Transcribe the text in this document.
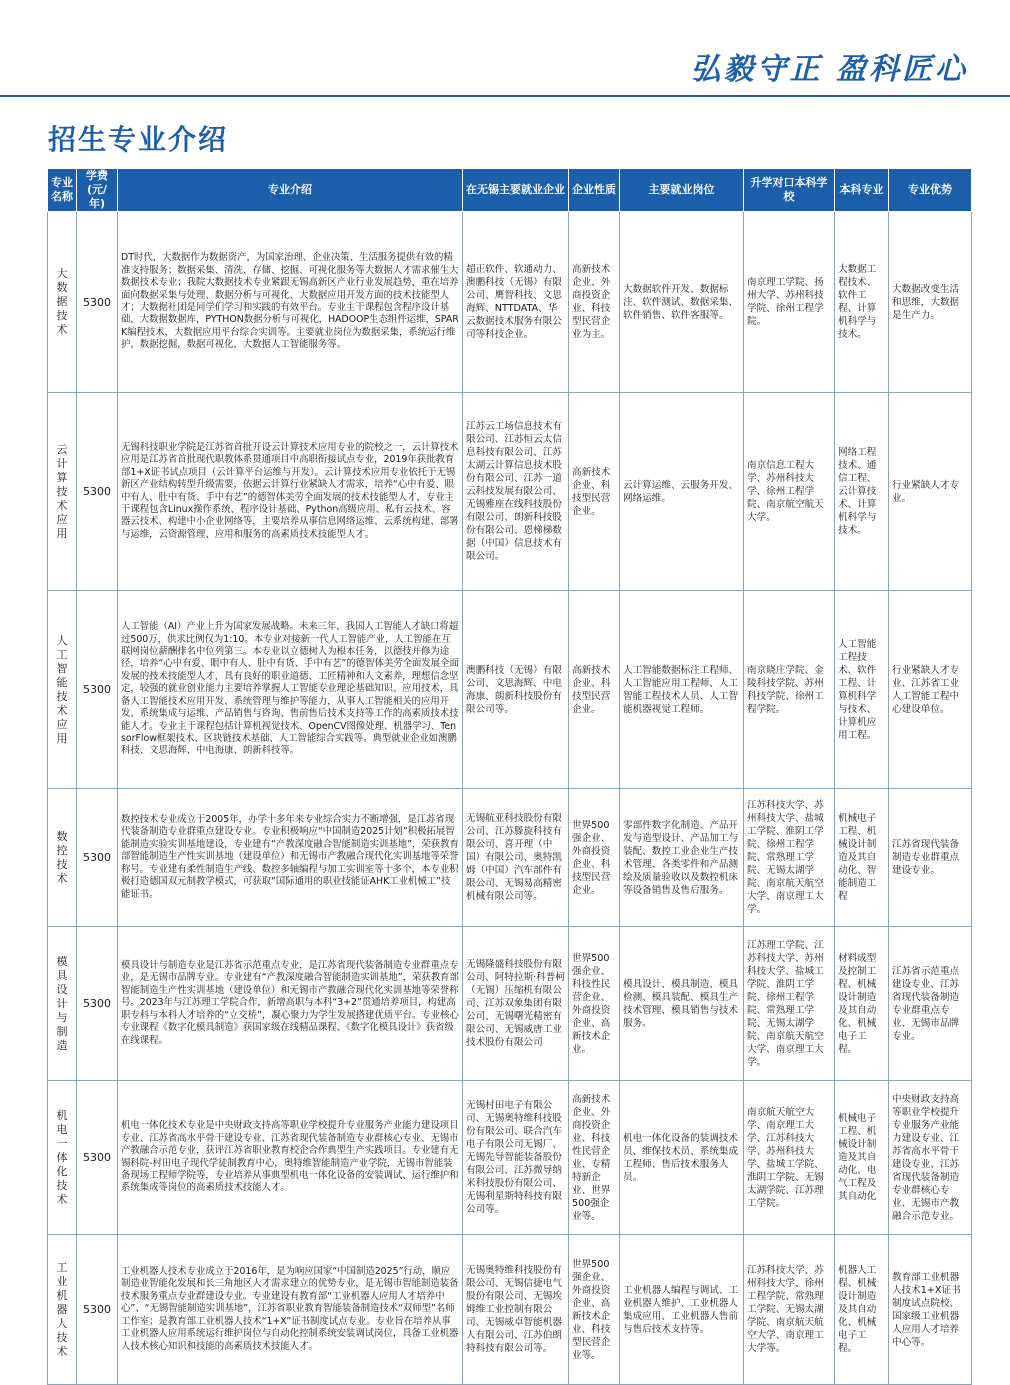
弘毅守正 盈科匠心
招生专业介绍
专业名称	学费(元/年)	专业介绍	在无锡主要就业企业	企业性质	主要就业岗位	升学对口本科学校	本科专业	专业优势
大数据技术	5300	DT时代，大数据作为数据资产，为国家治理、企业决策、生活服务提供有效的精准支持服务；数据采集、清洗、存储、挖掘、可视化服务等大数据人才需求催生大数据技术专业；我院大数据技术专业紧跟无锡高新区产业行业发展趋势，重在培养面向数据采集与处理、数据分析与可视化、大数据应用开发方面的技术技能型人才；大数据社团是同学们学习和实践的有效平台。专业主干课程包含程序设计基础，大数据数据库，PYTHON数据分析与可视化，HADOOP生态组件运维，SPARK编程技术，大数据应用平台综合实训等。主要就业岗位为数据采集，系统运行维护，数据挖掘，数据可视化，大数据人工智能服务等。	超正软件、软通动力、澳鹏科技（无锡）有限公司、鹰智科技、文思海辉、NTTDATA、华云数据技术服务有限公司等科技企业。	高新技术企业、外商投资企业、科技型民营企业为主。	大数据软件开发、数据标注、软件测试、数据采集、软件销售、软件客服等。	南京理工学院、扬州大学、苏州科技学院、徐州工程学院。	大数据工程技术、软件工程、计算机科学与技术。	大数据改变生活和思维，大数据是生产力。
云计算技术应用	5300	无锡科技职业学院是江苏省首批开设云计算技术应用专业的院校之一，云计算技术应用是江苏省首批现代职教体系贯通项目中高职衔接试点专业，2019年获批教育部1+X证书试点项目（云计算平台运维与开发）。云计算技术应用专业依托于无锡新区产业结构转型升级需要，依据云计算行业紧缺人才需求，培养“心中有爱、眼中有人、肚中有货、手中有艺”的德智体美劳全面发展的技术技能型人才，专业主干课程包含Linux操作系统、程序设计基础、Python高级应用、私有云技术、容器云技术、构建中小企业网络等，主要培养从事信息网络运维、云系统构建、部署与运维，云资源管理、应用和服务的高素质技术技能型人才。	江苏云工场信息技术有限公司、江苏恒云太信息科技有限公司、江苏太湖云计算信息技术股份有限公司、江苏一道云科技发展有限公司、无锡雅座在线科技股份有限公司、朗新科技股份有限公司、恩梯梯数据（中国）信息技术有限公司。	高新技术企业、科技型民营企业。	云计算运维、云服务开发、网络运维。	南京信息工程大学、苏州科技大学、徐州工程学院、南京航空航天大学。	网络工程技术、通信工程、云计算技术、计算机科学与技术。	行业紧缺人才专业。
人工智能技术应用	5300	人工智能（AI）产业上升为国家发展战略。未来三年，我国人工智能人才缺口将超过500万，供求比例仅为1:10。本专业对接新一代人工智能产业，人工智能在互联网岗位薪酬排名中位列第三。本专业以立德树人为根本任务，以德技并修为途径，培养“心中有爱、眼中有人、肚中有货、手中有艺”的德智体美劳全面发展全面发展的技术技能型人才，具有良好的职业道德、工匠精神和人文素养，理想信念坚定，较强的就业创业能力主要培养掌握人工智能专业理论基础知识、应用技术，具备人工智能技术应用开发、系统管理与维护等能力，从事人工智能相关的应用开发、系统集成与运维、产品销售与咨询、售前售后技术支持等工作的高素质技术技能人才。专业主干课程包括计算机视觉技术、OpenCV图像处理、机器学习、TensorFlow框架技术、区块链技术基础、人工智能综合实践等。典型就业企业如澳鹏科技、文思海辉、中电海康、朗新科技等。	澳鹏科技（无锡）有限公司、文思海辉、中电海康、朗新科技股份有限公司等。	高新技术企业、科技型民营企业。	人工智能数据标注工程师、人工智能应用工程师、人工智能工程技术人员、人工智能机器视觉工程师。	南京晓庄学院、金陵科技学院、苏州科技学院、徐州工程学院。	人工智能工程技术、软件工程、计算机科学与技术、计算机应用工程。	行业紧缺人才专业、江苏省工业人工智能工程中心建设单位。
数控技术	5300	数控技术专业成立于2005年，办学十多年来专业综合实力不断增强，是江苏省现代装备制造专业群重点建设专业。专业积极响应“中国制造2025计划”积极拓展智能制造实验实训基地建设，专业建有“产教深度融合智能制造实训基地”，荣获教育部智能制造生产性实训基地（建设单位）和无锡市产教融合现代化实训基地等荣誉称号。专业建有柔性制造生产线、数控多轴编程与加工实训室等十多个，本专业积极打造德国双元制教学模式，可获取“国际通用的职业技能证AHK工业机械工”技能证书。	无锡航亚科技股份有限公司、江苏滕旋科技有限公司、喜开理（中国）有限公司、奥特凯姆（中国）汽车部件有限公司、无锡易高精密机械有限公司等。	世界500强企业、外商投资企业、科技型民营企业。	零部件数字化制造、产品开发与造型设计、产品加工与装配、数控工业企业生产技术管理、各类零件和产品测绘及质量验收以及数控机床等设备销售及售后服务。	江苏科技大学、苏州科技大学、盐城工学院、淮阴工学院、徐州工程学院、常熟理工学院、无锡太湖学院、南京航天航空大学、南京理工大学。	机械电子工程、机械设计制造及其自动化、智能制造工程	江苏省现代装备制造专业群重点建设专业。
模具设计与制造	5300	模具设计与制造专业是江苏省示范重点专业，是江苏省现代装备制造专业群重点专业，是无锡市品牌专业。专业建有“产教深度融合智能制造实训基地”，荣获教育部智能制造生产性实训基地（建设单位）和无锡市产教融合现代化实训基地等荣誉称号。2023年与江苏理工学院合作，新增高职与本科“3+2”贯通培养项目，构建高职专科与本科人才培养的“立交桥”，凝心聚力为学生发展搭建优质平台。专业核心专业课程《数字化模具制造》获国家级在线精品课程、《数字化模具设计》获省级在线课程。	无锡隆盛科技股份有限公司、阿特拉斯·科普柯（无锡）压缩机有限公司、江苏双象集团有限公司、无锡曙光精密有限公司、无锡威唐工业技术股份有限公司	世界500强企业、科技性民营企业、外商投资企业、高新技术企业。	模具设计、模具制造、模具检测、模具装配、模具生产技术管理、模具销售与技术服务。	江苏理工学院、江苏科技大学、苏州科技大学、盐城工学院、淮阴工学院、徐州工程学院、常熟理工学院、无锡太湖学院、南京航天航空大学、南京理工大学。	材料成型及控制工程、机械设计制造及其自动化、机械电子工程。	江苏省示范重点建设专业、江苏省现代装备制造专业群重点专业、无锡市品牌专业。
机电一体化技术	5300	机电一体化技术专业是中央财政支持高等职业学校提升专业服务产业能力建设项目专业、江苏省高水平骨干建设专业、江苏省现代装备制造专业群核心专业、无锡市产教融合示范专业，获评江苏省职业教育校企合作典型生产实践项目。专业建有无锡科院-村田电子现代学徒制教育中心，奥特维智能制造产业学院，无锡市智能装备现场工程师学院等，专业培养从事典型机电一体化设备的安装调试、运行维护和系统集成等岗位的高素质技术技能人才。	无锡村田电子有限公司、无锡奥特维科技股份有限公司、联合汽车电子有限公司无锡厂、无锡先导智能装备股份有限公司、江苏微导纳米科技股份有限公司、无锡利星斯特科技有限公司等。	高新技术企业、外商投资企业、科技性民营企业、专精特新企业、世界500强企业等。	机电一体化设备的装调技术员、维保技术员、系统集成工程师、售后技术服务人员。	南京航天航空大学、南京理工大学、江苏科技大学、苏州科技大学、盐城工学院、淮阴工学院、无锡太湖学院、江苏理工学院。	机械电子工程、机械设计制造及其自动化、电气工程及其自动化	中央财政支持高等职业学校提升专业服务产业能力建设专业、江苏省高水平骨干建设专业、江苏省现代装备制造专业群核心专业、无锡市产教融合示范专业。
工业机器人技术	5300	工业机器人技术专业成立于2016年，是为响应国家“中国制造2025”行动，顺应制造业智能化发展和长三角地区人才需求建立的优势专业，是无锡市智能制造装备技术服务重点专业群建设专业。专业建设有教育部“工业机器人应用人才培养中心”、“无锡智能制造实训基地”，江苏省职业教育智能装备制造技术“双师型”名师工作室；是教育部工业机器人技术“1+X”证书制度试点专业。专业旨在培养从事工业机器人应用系统运行维护岗位与自动化控制系统安装调试岗位，具备工业机器人技术核心知识和技能的高素质技术技能人才。	无锡奥特维科技股份有限公司、无锡信捷电气股份有限公司、无锡埃姆维工业控制有限公司、无锡威卓智能机器人有限公司、江苏伯朗特科技有限公司等。	世界500强企业、外商投资企业、高新技术企业、科技型民营企业等。	工业机器人编程与调试、工业机器人维护、工业机器人集成应用、工业机器人售前与售后技术支持等。	江苏科技大学、苏州科技大学、徐州工程学院、常熟理工学院、无锡太湖学院、南京航天航空大学、南京理工大学等。	机器人工程、机械设计制造及其自动化、机械电子工程。	教育部工业机器人技术1+X证书制度试点院校、国家级工业机器人应用人才培养中心等。
